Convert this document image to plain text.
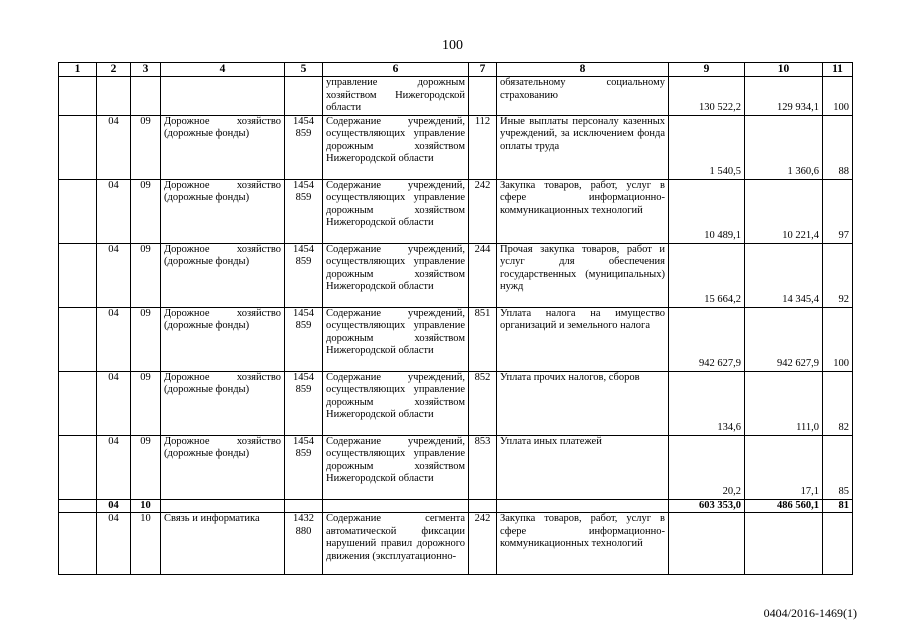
100
1	2	3	4	5	6	7	8	9	10	11
					управление дорожным хозяйством Нижегородской области		обязательному социальному страхованию	130 522,2	129 934,1	100
	04	09	Дорожное хозяйство (дорожные фонды)	1454 859	Содержание учреждений, осуществляющих управление дорожным хозяйством Нижегородской области	112	Иные выплаты персоналу казенных учреждений, за исключением фонда оплаты труда	1 540,5	1 360,6	88
	04	09	Дорожное хозяйство (дорожные фонды)	1454 859	Содержание учреждений, осуществляющих управление дорожным хозяйством Нижегородской области	242	Закупка товаров, работ, услуг в сфере информационно-коммуникационных технологий	10 489,1	10 221,4	97
	04	09	Дорожное хозяйство (дорожные фонды)	1454 859	Содержание учреждений, осуществляющих управление дорожным хозяйством Нижегородской области	244	Прочая закупка товаров, работ и услуг для обеспечения государственных (муниципальных) нужд	15 664,2	14 345,4	92
	04	09	Дорожное хозяйство (дорожные фонды)	1454 859	Содержание учреждений, осуществляющих управление дорожным хозяйством Нижегородской области	851	Уплата налога на имущество организаций и земельного налога	942 627,9	942 627,9	100
	04	09	Дорожное хозяйство (дорожные фонды)	1454 859	Содержание учреждений, осуществляющих управление дорожным хозяйством Нижегородской области	852	Уплата прочих налогов, сборов	134,6	111,0	82
	04	09	Дорожное хозяйство (дорожные фонды)	1454 859	Содержание учреждений, осуществляющих управление дорожным хозяйством Нижегородской области	853	Уплата иных платежей	20,2	17,1	85
	04	10						603 353,0	486 560,1	81
	04	10	Связь и информатика	1432 880	Содержание сегмента автоматической фиксации нарушений правил дорожного движения (эксплуатационно-	242	Закупка товаров, работ, услуг в сфере информационно-коммуникационных технологий			
0404/2016-1469(1)
